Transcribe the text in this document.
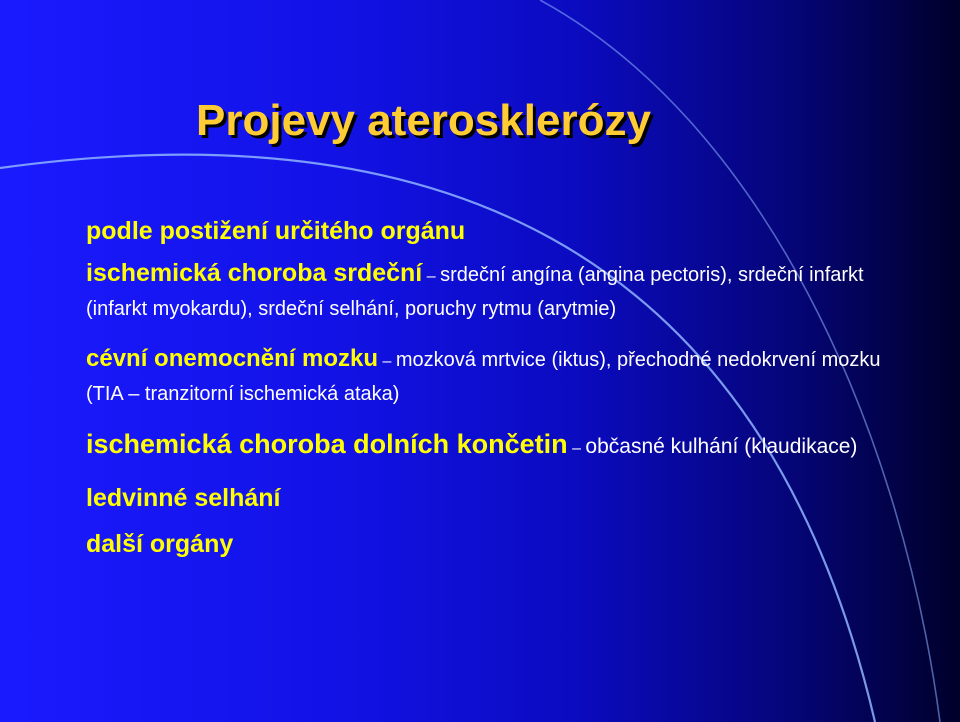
Projevy aterosklerózy

podle postižení určitého orgánu

ischemická choroba srdeční – srdeční angína (angina pectoris), srdeční infarkt (infarkt myokardu), srdeční selhání, poruchy rytmu (arytmie)

cévní onemocnění mozku – mozková mrtvice (iktus), přechodné nedokrvení mozku (TIA – tranzitorní ischemická ataka)

ischemická choroba dolních končetin – občasné kulhání (klaudikace)

ledvinné selhání

další orgány
